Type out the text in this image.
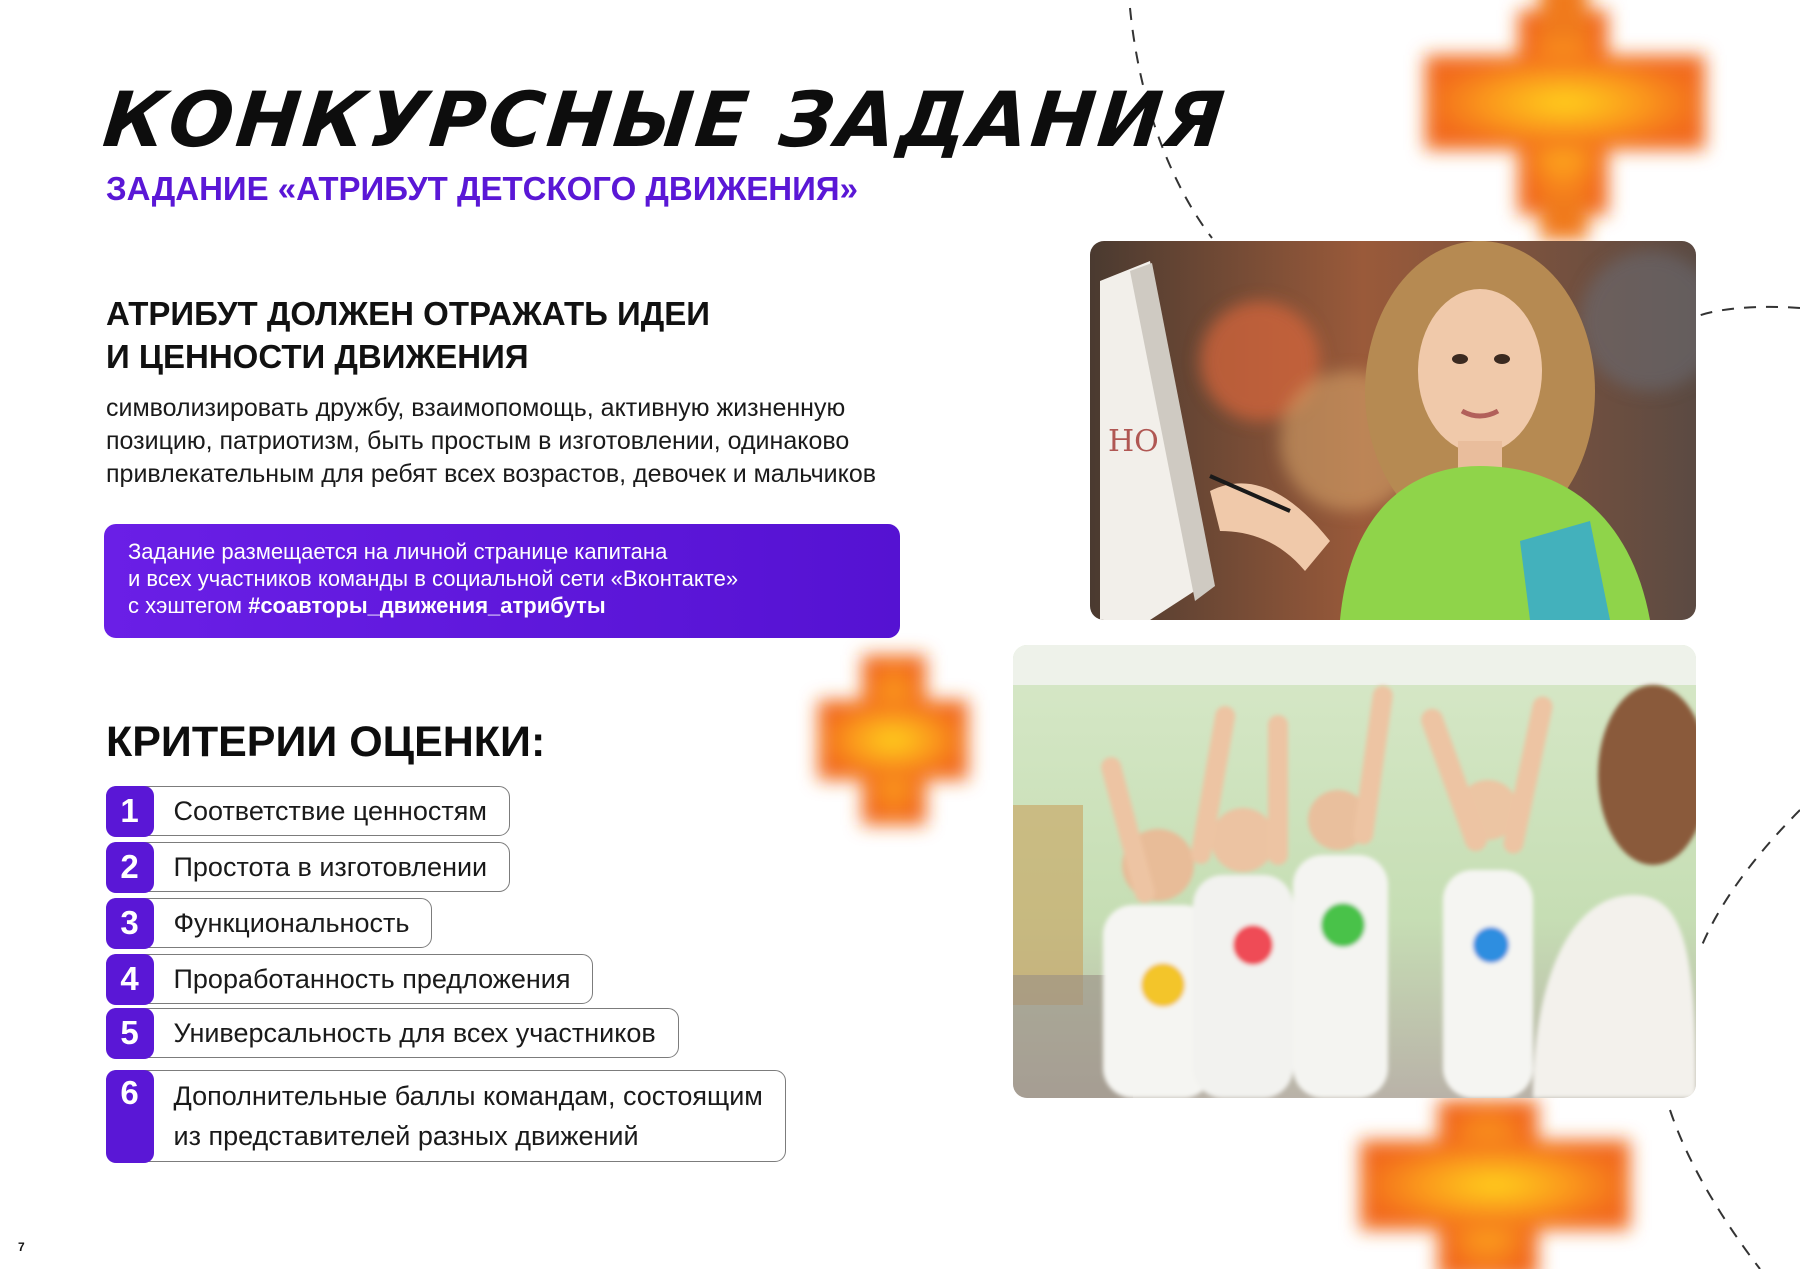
КОНКУРСНЫЕ ЗАДАНИЯ
ЗАДАНИЕ «АТРИБУТ ДЕТСКОГО ДВИЖЕНИЯ»
АТРИБУТ ДОЛЖЕН ОТРАЖАТЬ ИДЕИ
И ЦЕННОСТИ ДВИЖЕНИЯ
символизировать дружбу, взаимопомощь, активную жизненную
позицию, патриотизм, быть простым в изготовлении, одинаково
привлекательным для ребят всех возрастов, девочек и мальчиков
Задание размещается на личной странице капитана
и всех участников команды в социальной сети «Вконтакте»
с хэштегом #соавторы_движения_атрибуты
КРИТЕРИИ ОЦЕНКИ:
1	Соответствие ценностям
2	Простота в изготовлении
3	Функциональность
4	Проработанность предложения
5	Универсальность для всех участников
6	Дополнительные баллы командам, состоящим
из представителей разных движений
НО
7
